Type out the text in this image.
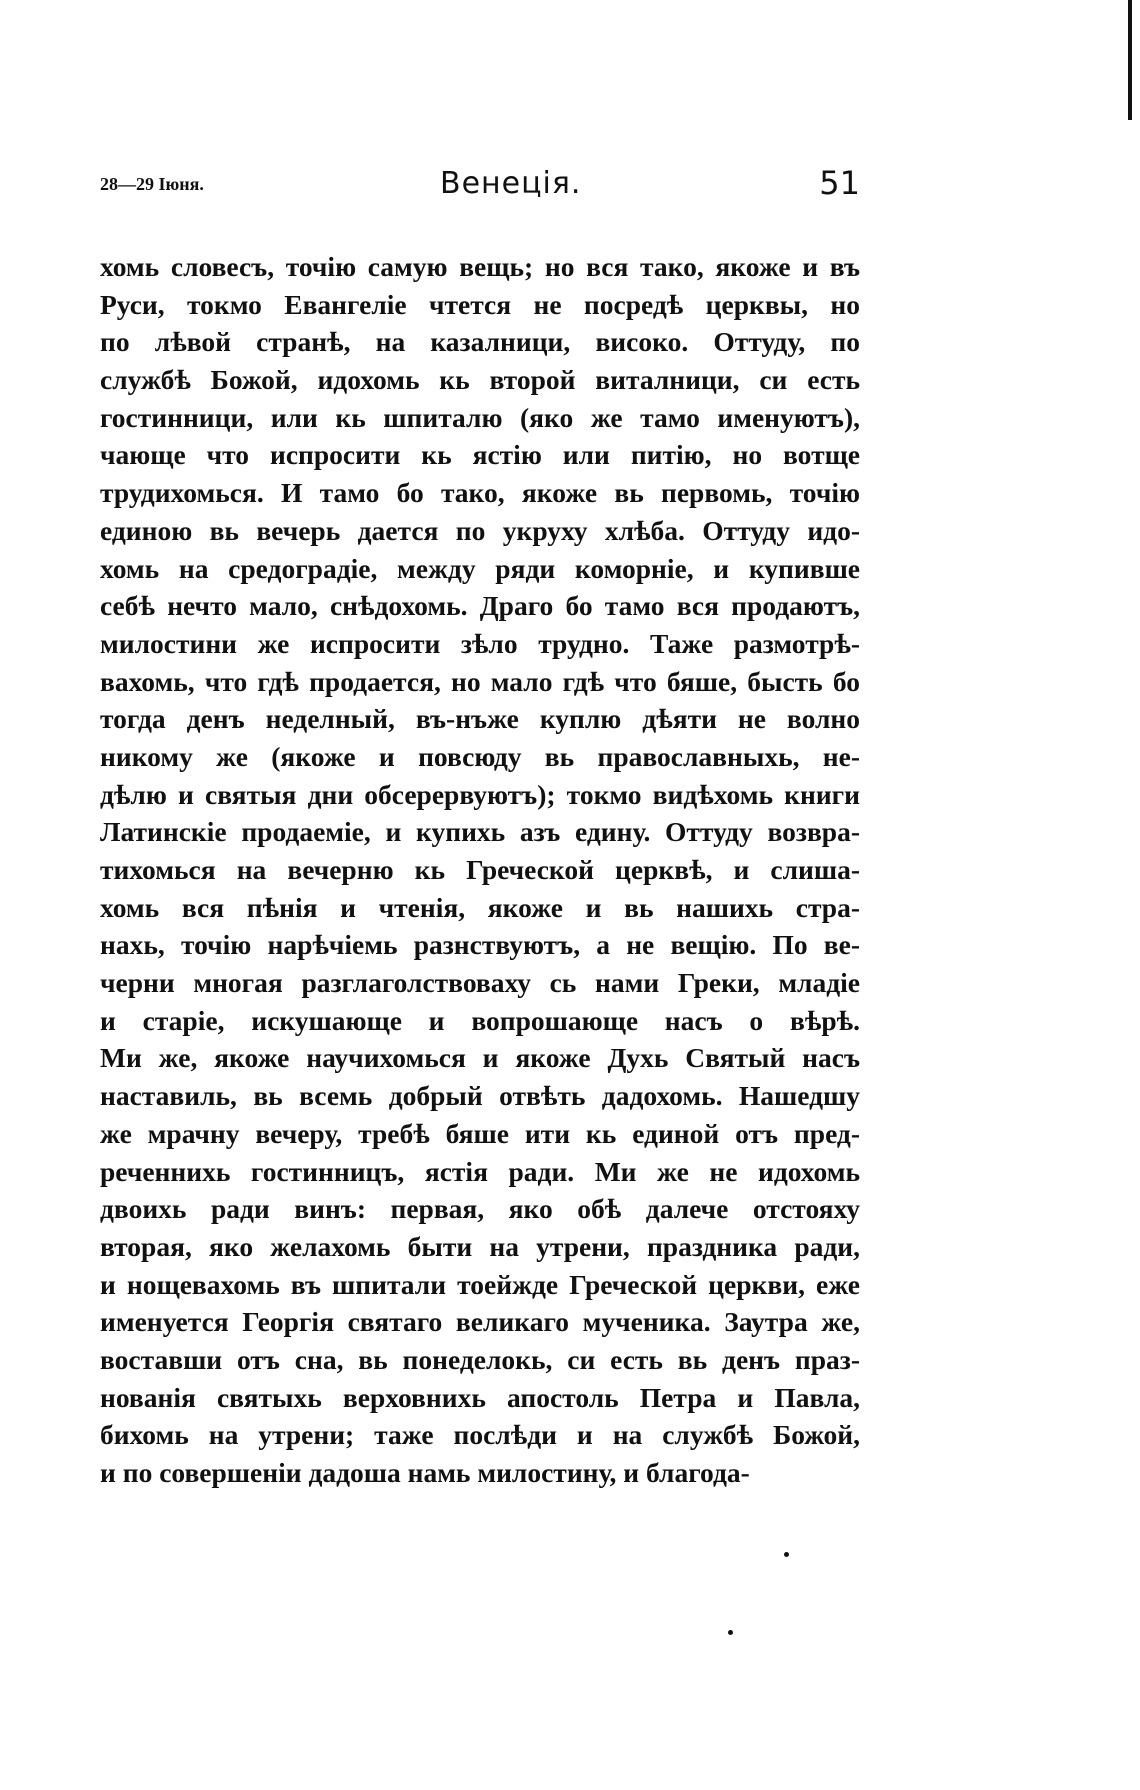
28—29 Іюня.	Венеція.	51
хомь словесъ, точію самую вещь; но вся тако, якоже и въ
Руси, токмо Евангеліе чтется не посредѣ церквы, но
по лѣвой странѣ, на казалници, високо. Оттуду, по
службѣ Божой, идохомь кь второй виталници, си есть
гостинници, или кь шпиталю (яко же тамо именуютъ),
чающе что испросити кь ястію или питію, но вотще
трудихомься. И тамо бо тако, якоже вь первомь, точію
единою вь вечерь дается по укруху хлѣба. Оттуду идо-
хомь на средоградіе, между ряди коморніе, и купивше
себѣ нечто мало, снѣдохомь. Драго бо тамо вся продаютъ,
милостини же испросити зѣло трудно. Таже размотрѣ-
вахомь, что гдѣ продается, но мало гдѣ что бяше, бысть бо
тогда денъ неделный, въ-нъже куплю дѣяти не волно
никому же (якоже и повсюду вь православныхь, не-
дѣлю и святыя дни обсерервуютъ); токмо видѣхомь книги
Латинскіе продаеміе, и купихь азъ едину. Оттуду возвра-
тихомься на вечерню кь Греческой церквѣ, и слиша-
хомь вся пѣнія и чтенія, якоже и вь нашихь стра-
нахь, точію нарѣчіемь разнствуютъ, а не вещію. По ве-
черни многая разглаголствоваху сь нами Греки, младіе
и старіе, искушающе и вопрошающе насъ о вѣрѣ.
Ми же, якоже научихомься и якоже Духь Святый насъ
наставиль, вь всемь добрый отвѣть дадохомь. Нашедшу
же мрачну вечеру, требѣ бяше ити кь единой отъ пред-
реченнихь гостинницъ, ястія ради. Ми же не идохомь
двоихь ради винъ: первая, яко обѣ далече отстояху
вторая, яко желахомь быти на утрени, праздника ради,
и нощевахомь въ шпитали тоейжде Греческой церкви, еже
именуется Георгія святаго великаго мученика. Заутра же,
воставши отъ сна, вь понеделокь, си есть вь денъ праз-
нованія святыхь верховнихь апостоль Петра и Павла,
бихомь на утрени; таже послѣди и на службѣ Божой,
и по совершеніи дадоша намь милостину, и благода-
